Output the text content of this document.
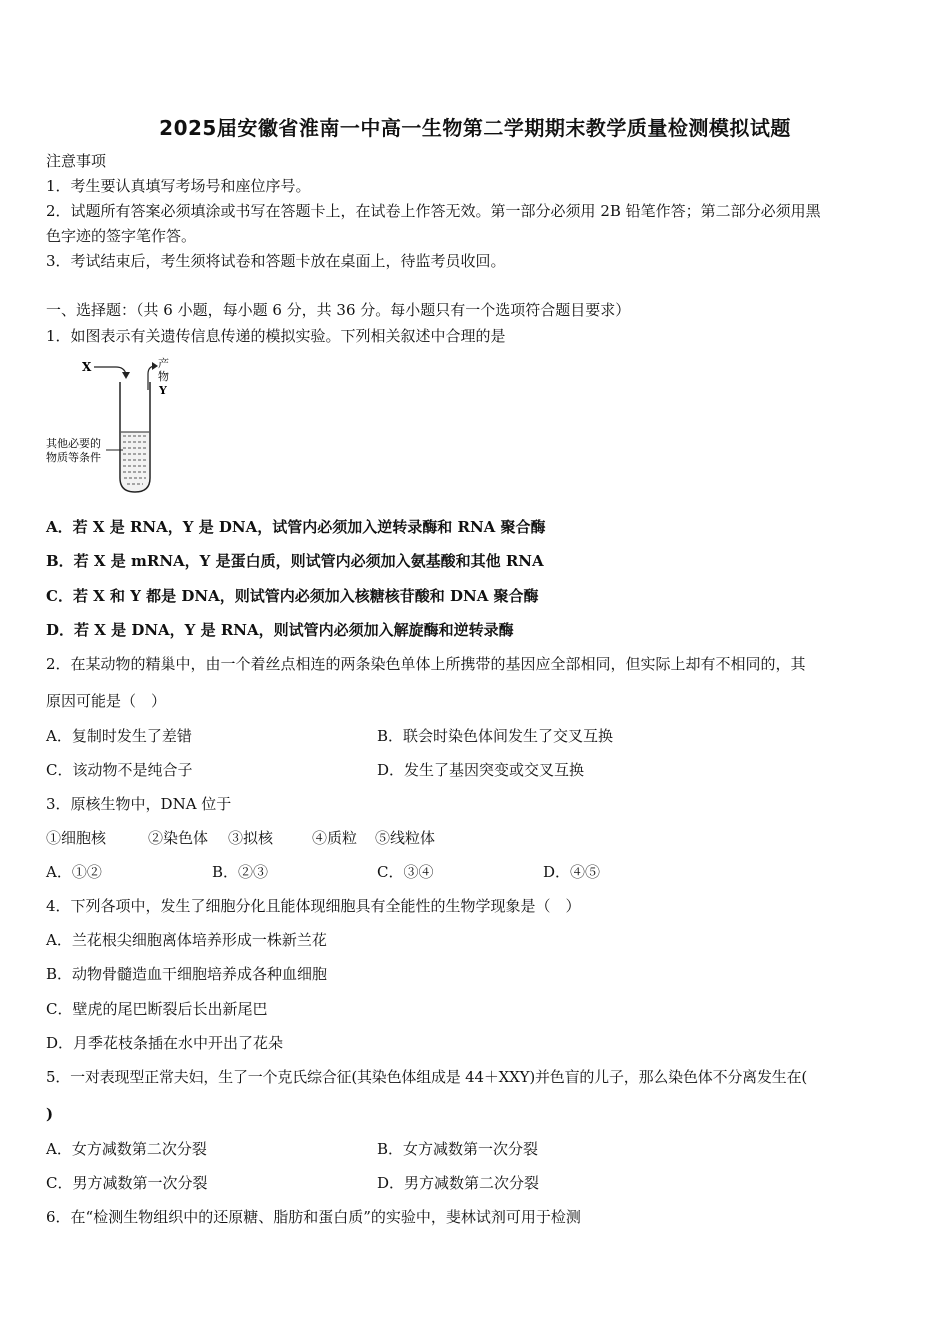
2025届安徽省淮南一中高一生物第二学期期末教学质量检测模拟试题
注意事项
1．考生要认真填写考场号和座位序号。
2．试题所有答案必须填涂或书写在答题卡上，在试卷上作答无效。第一部分必须用 2B 铅笔作答；第二部分必须用黑
色字迹的签字笔作答。
3．考试结束后，考生须将试卷和答题卡放在桌面上，待监考员收回。
一、选择题：（共 6 小题，每小题 6 分，共 36 分。每小题只有一个选项符合题目要求）
1．如图表示有关遗传信息传递的模拟实验。下列相关叙述中合理的是
X	产
物
Y
其他必要的
物质等条件
A．若 X 是 RNA，Y 是 DNA，试管内必须加入逆转录酶和 RNA 聚合酶
B．若 X 是 mRNA，Y 是蛋白质，则试管内必须加入氨基酸和其他 RNA
C．若 X 和 Y 都是 DNA，则试管内必须加入核糖核苷酸和 DNA 聚合酶
D．若 X 是 DNA，Y 是 RNA，则试管内必须加入解旋酶和逆转录酶
2．在某动物的精巢中，由一个着丝点相连的两条染色单体上所携带的基因应全部相同，但实际上却有不相同的，其
原因可能是（　）
A．复制时发生了差错	B．联会时染色体间发生了交叉互换
C．该动物不是纯合子	D．发生了基因突变或交叉互换
3．原核生物中，DNA 位于
①细胞核	②染色体 ③拟核	④质粒 ⑤线粒体
A．①②	B．②③	C．③④	D．④⑤
4．下列各项中，发生了细胞分化且能体现细胞具有全能性的生物学现象是（　）
A．兰花根尖细胞离体培养形成一株新兰花
B．动物骨髓造血干细胞培养成各种血细胞
C．壁虎的尾巴断裂后长出新尾巴
D．月季花枝条插在水中开出了花朵
5．一对表现型正常夫妇，生了一个克氏综合征(其染色体组成是 44＋XXY)并色盲的儿子，那么染色体不分离发生在(
)
A．女方减数第二次分裂	B．女方减数第一次分裂
C．男方减数第一次分裂	D．男方减数第二次分裂
6．在“检测生物组织中的还原糖、脂肪和蛋白质”的实验中，斐林试剂可用于检测
